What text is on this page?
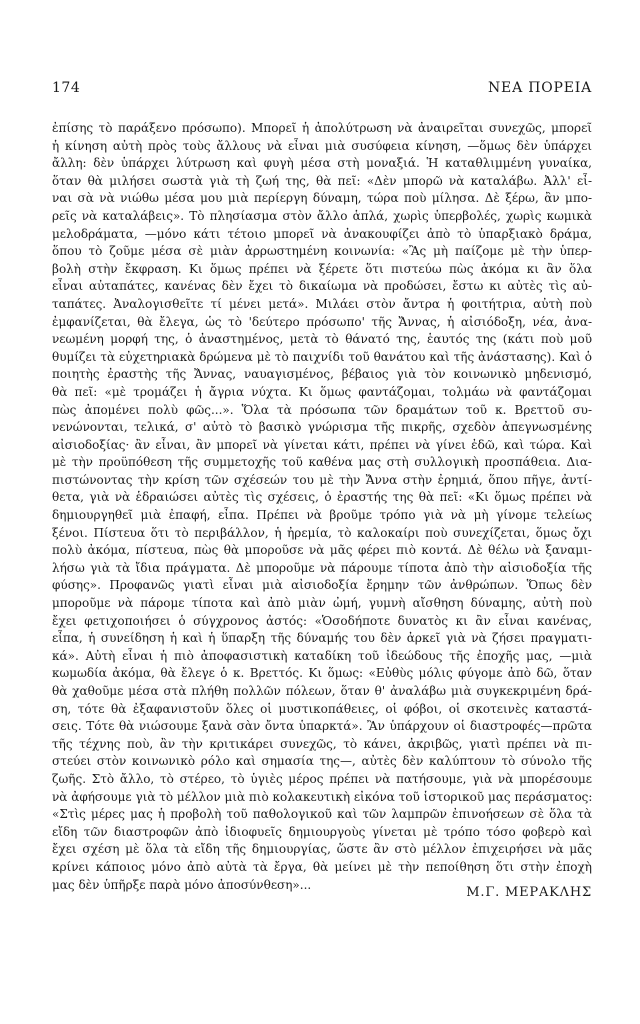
174	ΝΕΑ ΠΟΡΕΙΑ
ἐπίσης τὸ παράξενο πρόσωπο). Μπορεῖ ἡ ἀπολύτρωση νὰ ἀναιρεῖται συνεχῶς, μπορεῖ
ἡ κίνηση αὐτὴ πρὸς τοὺς ἄλλους νὰ εἶναι μιὰ συσύφεια κίνηση, —ὅμως δὲν ὑπάρχει
ἄλλη: δὲν ὑπάρχει λύτρωση καὶ φυγὴ μέσα στὴ μοναξιά. Ἡ καταθλιμμένη γυναίκα,
ὅταν θὰ μιλήσει σωστὰ γιὰ τὴ ζωή της, θὰ πεῖ: «Δὲν μπορῶ νὰ καταλάβω. Ἀλλ' εἶ-
ναι σὰ νὰ νιώθω μέσα μου μιὰ περίεργη δύναμη, τώρα ποὺ μίλησα. Δὲ ξέρω, ἂν μπο-
ρεῖς νὰ καταλάβεις». Τὸ πλησίασμα στὸν ἄλλο ἁπλά, χωρὶς ὑπερβολές, χωρὶς κωμικὰ
μελοδράματα, —μόνο κάτι τέτοιο μπορεῖ νὰ ἀνακουφίζει ἀπὸ τὸ ὑπαρξιακὸ δράμα,
ὅπου τὸ ζοῦμε μέσα σὲ μιὰν ἀρρωστημένη κοινωνία: «Ἂς μὴ παίζομε μὲ τὴν ὑπερ-
βολὴ στὴν ἔκφραση. Κι ὅμως πρέπει νὰ ξέρετε ὅτι πιστεύω πὼς ἀκόμα κι ἂν ὅλα
εἶναι αὐταπάτες, κανένας δὲν ἔχει τὸ δικαίωμα νὰ προδώσει, ἔστω κι αὐτὲς τὶς αὐ-
ταπάτες. Ἀναλογισθεῖτε τί μένει μετά». Μιλάει στὸν ἄντρα ἡ φοιτήτρια, αὐτὴ ποὺ
ἐμφανίζεται, θὰ ἔλεγα, ὡς τὸ 'δεύτερο πρόσωπο' τῆς Ἄννας, ἡ αἰσιόδοξη, νέα, ἀνα-
νεωμένη μορφή της, ὁ ἀναστημένος, μετὰ τὸ θάνατό της, ἑαυτός της (κάτι ποὺ μοῦ
θυμίζει τὰ εὐχετηριακὰ δρώμενα μὲ τὸ παιχνίδι τοῦ θανάτου καὶ τῆς ἀνάστασης). Καὶ ὁ
ποιητὴς ἐραστὴς τῆς Ἄννας, ναυαγισμένος, βέβαιος γιὰ τὸν κοινωνικὸ μηδενισμό,
θὰ πεῖ: «μὲ τρομάζει ἡ ἄγρια νύχτα. Κι ὅμως φαντάζομαι, τολμάω νὰ φαντάζομαι
πὼς ἀπομένει πολὺ φῶς...». Ὅλα τὰ πρόσωπα τῶν δραμάτων τοῦ κ. Βρεττοῦ συ-
νενώνονται, τελικά, σ' αὐτὸ τὸ βασικὸ γνώρισμα τῆς πικρῆς, σχεδὸν ἀπεγνωσμένης
αἰσιοδοξίας· ἂν εἶναι, ἂν μπορεῖ νὰ γίνεται κάτι, πρέπει νὰ γίνει ἐδῶ, καὶ τώρα. Καὶ
μὲ τὴν προϋπόθεση τῆς συμμετοχῆς τοῦ καθένα μας στὴ συλλογικὴ προσπάθεια. Δια-
πιστώνοντας τὴν κρίση τῶν σχέσεών του μὲ τὴν Ἄννα στὴν ἐρημιά, ὅπου πῆγε, ἀντί-
θετα, γιὰ νὰ ἑδραιώσει αὐτὲς τὶς σχέσεις, ὁ ἐραστής της θὰ πεῖ: «Κι ὅμως πρέπει νὰ
δημιουργηθεῖ μιὰ ἐπαφή, εἶπα. Πρέπει νὰ βροῦμε τρόπο γιὰ νὰ μὴ γίνομε τελείως
ξένοι. Πίστευα ὅτι τὸ περιβάλλον, ἡ ἠρεμία, τὸ καλοκαίρι ποὺ συνεχίζεται, ὅμως ὄχι
πολὺ ἀκόμα, πίστευα, πὼς θὰ μποροῦσε νὰ μᾶς φέρει πιὸ κοντά. Δὲ θέλω νὰ ξαναμι-
λήσω γιὰ τὰ ἴδια πράγματα. Δὲ μποροῦμε νὰ πάρουμε τίποτα ἀπὸ τὴν αἰσιοδοξία τῆς
φύσης». Προφανῶς γιατὶ εἶναι μιὰ αἰσιοδοξία ἔρημην τῶν ἀνθρώπων. Ὅπως δὲν
μποροῦμε νὰ πάρομε τίποτα καὶ ἀπὸ μιὰν ὠμή, γυμνὴ αἴσθηση δύναμης, αὐτὴ ποὺ
ἔχει φετιχοποιήσει ὁ σύγχρονος ἀστός: «Ὁσοδήποτε δυνατὸς κι ἂν εἶναι κανένας,
εἶπα, ἡ συνείδηση ἡ καὶ ἡ ὕπαρξη τῆς δύναμής του δὲν ἀρκεῖ γιὰ νὰ ζήσει πραγματι-
κά». Αὐτὴ εἶναι ἡ πιὸ ἀποφασιστικὴ καταδίκη τοῦ ἰδεώδους τῆς ἐποχῆς μας, —μιὰ
κωμωδία ἀκόμα, θὰ ἔλεγε ὁ κ. Βρεττός. Κι ὅμως: «Εὐθὺς μόλις φύγομε ἀπὸ δῶ, ὅταν
θὰ χαθοῦμε μέσα στὰ πλήθη πολλῶν πόλεων, ὅταν θ' ἀναλάβω μιὰ συγκεκριμένη δρά-
ση, τότε θὰ ἐξαφανιστοῦν ὅλες οἱ μυστικοπάθειες, οἱ φόβοι, οἱ σκοτεινὲς καταστά-
σεις. Τότε θὰ νιώσουμε ξανὰ σὰν ὄντα ὑπαρκτά». Ἂν ὑπάρχουν οἱ διαστροφές—πρῶτα
τῆς τέχνης ποὺ, ἂν τὴν κριτικάρει συνεχῶς, τὸ κάνει, ἀκριβῶς, γιατὶ πρέπει νὰ πι-
στεύει στὸν κοινωνικὸ ρόλο καὶ σημασία της—, αὐτὲς δὲν καλύπτουν τὸ σύνολο τῆς
ζωῆς. Στὸ ἄλλο, τὸ στέρεο, τὸ ὑγιὲς μέρος πρέπει νὰ πατήσουμε, γιὰ νὰ μπορέσουμε
νὰ ἀφήσουμε γιὰ τὸ μέλλον μιὰ πιὸ κολακευτικὴ εἰκόνα τοῦ ἱστορικοῦ μας περάσματος:
«Στὶς μέρες μας ἡ προβολὴ τοῦ παθολογικοῦ καὶ τῶν λαμπρῶν ἐπινοήσεων σὲ ὅλα τὰ
εἴδη τῶν διαστροφῶν ἀπὸ ἰδιοφυεῖς δημιουργοὺς γίνεται μὲ τρόπο τόσο φοβερὸ καὶ
ἔχει σχέση μὲ ὅλα τὰ εἴδη τῆς δημιουργίας, ὥστε ἂν στὸ μέλλον ἐπιχειρήσει νὰ μᾶς
κρίνει κάποιος μόνο ἀπὸ αὐτὰ τὰ ἔργα, θὰ μείνει μὲ τὴν πεποίθηση ὅτι στὴν ἐποχὴ
μας δὲν ὑπῆρξε παρὰ μόνο ἀποσύνθεση»...
Μ.Γ. ΜΕΡΑΚΛΗΣ
